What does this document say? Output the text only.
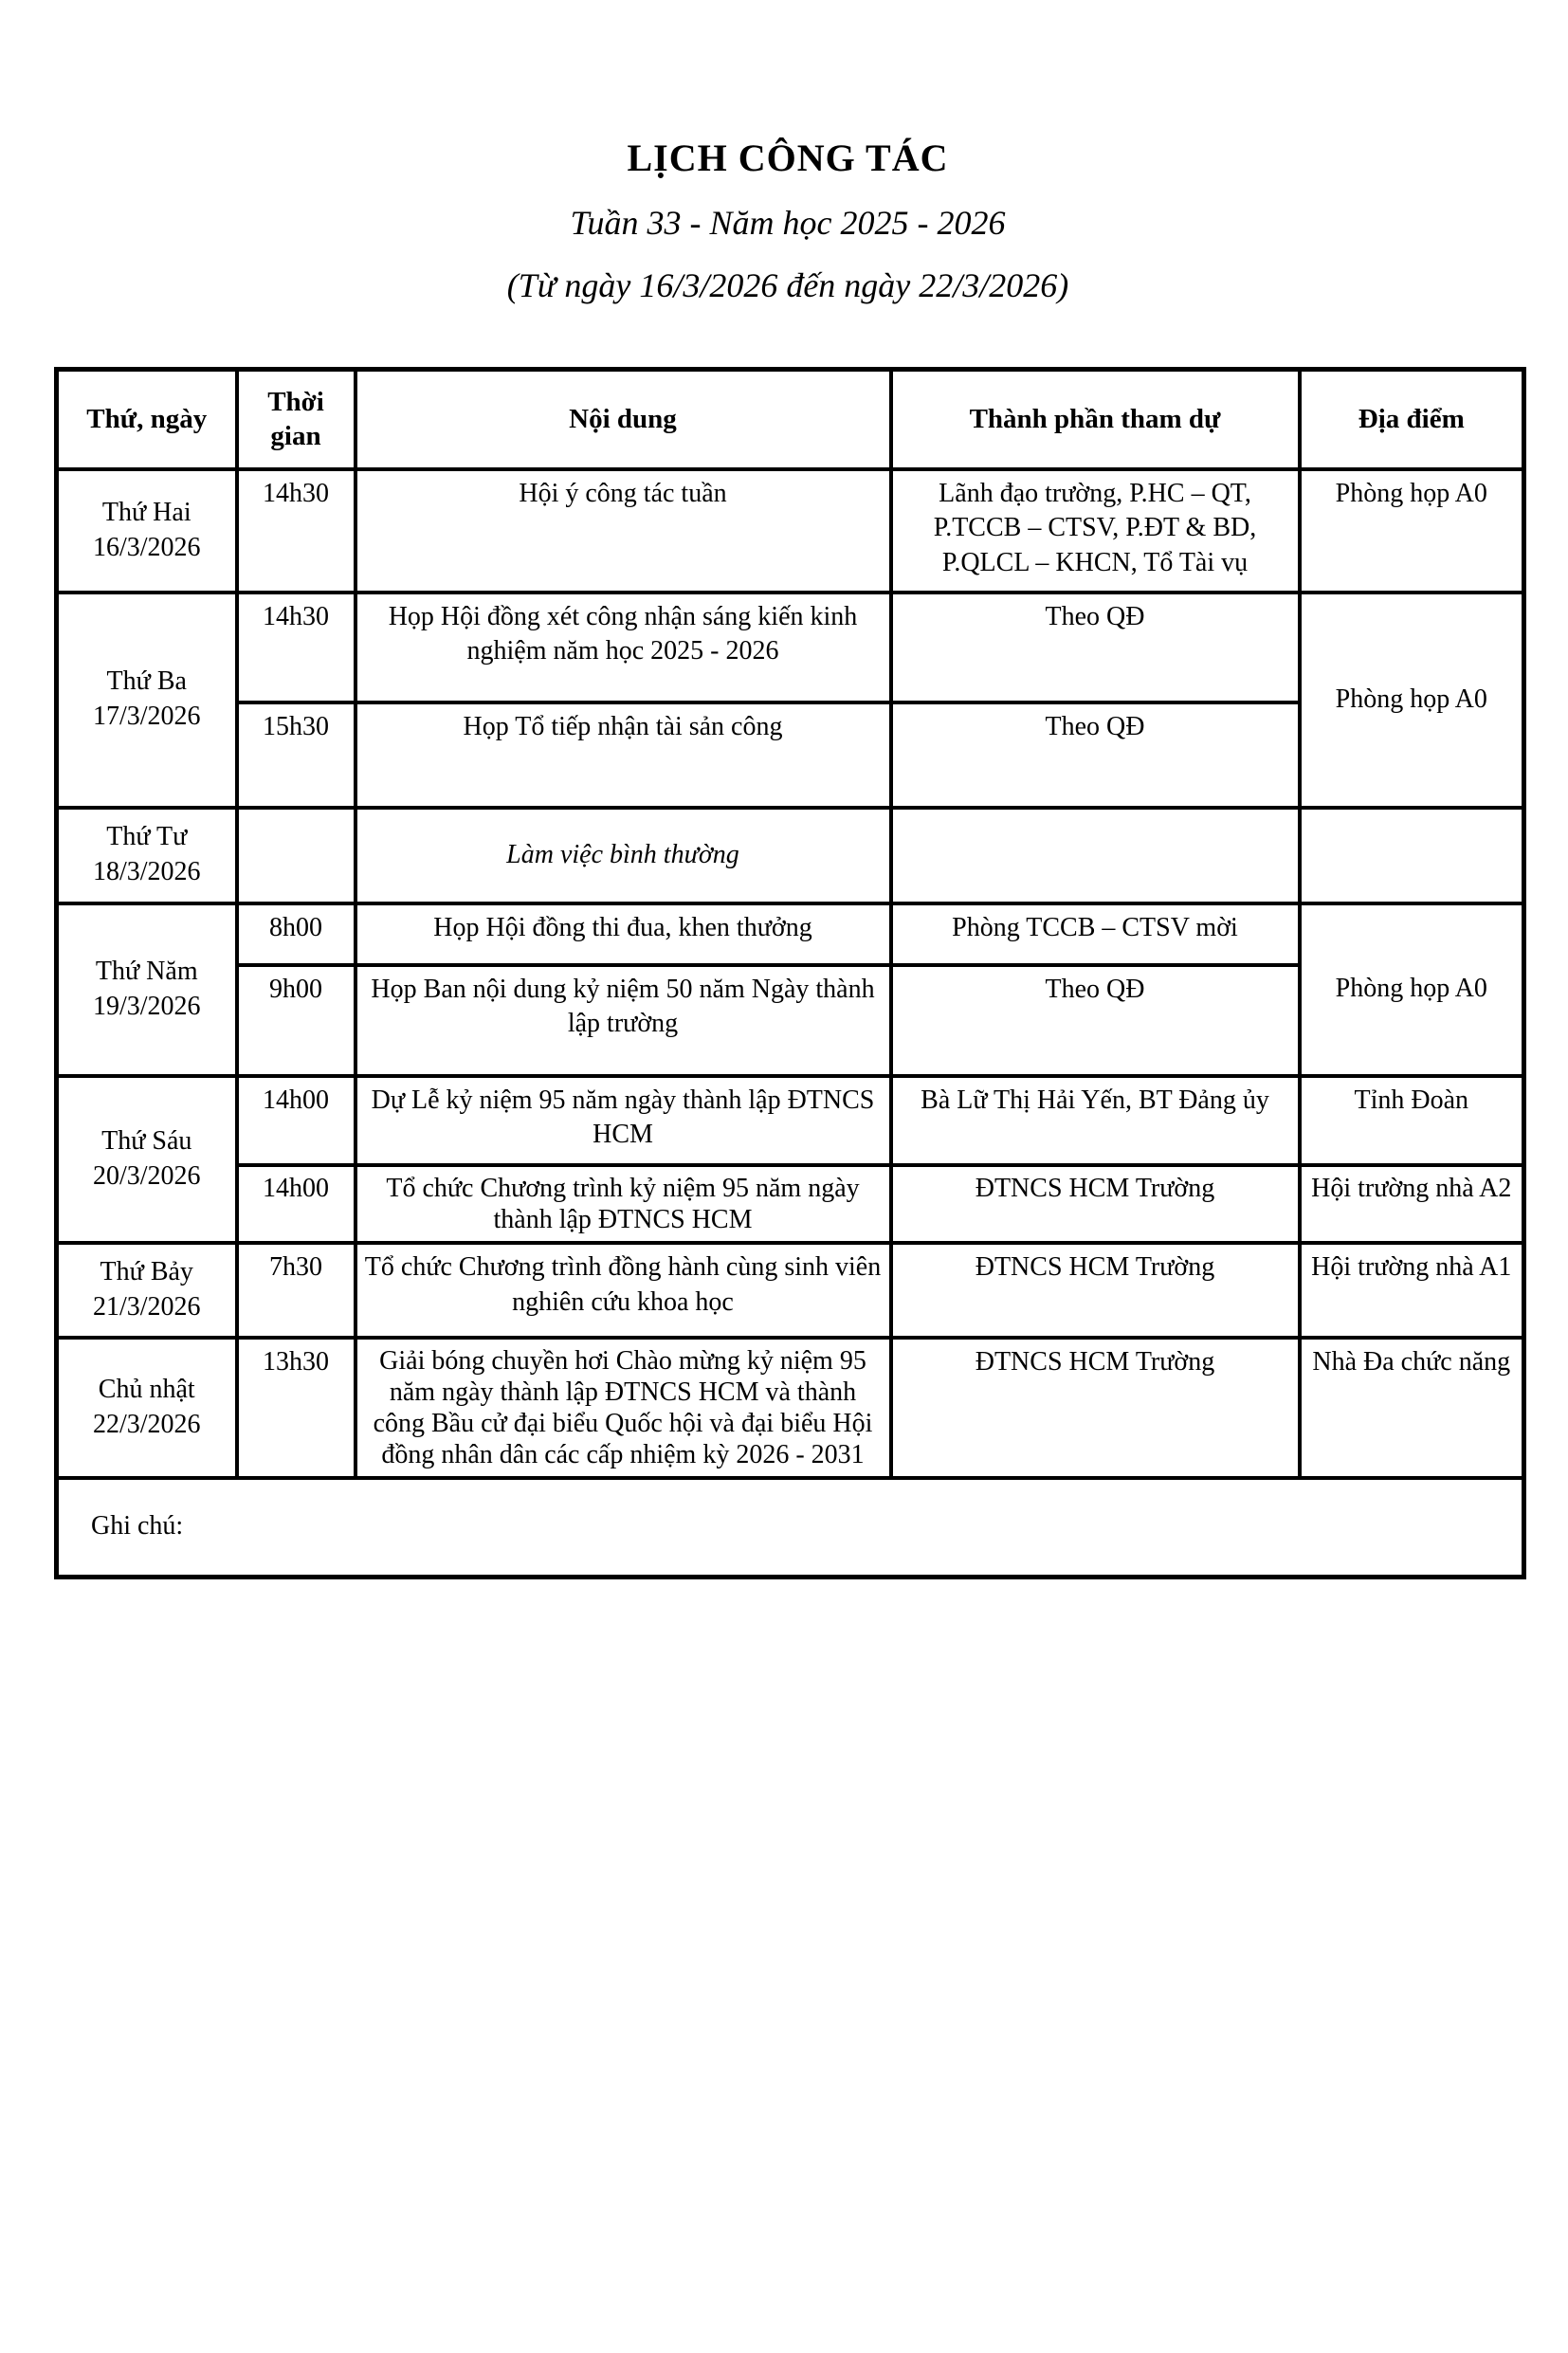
LỊCH CÔNG TÁC

Tuần 33 - Năm học 2025 - 2026

(Từ ngày 16/3/2026 đến ngày 22/3/2026)

Thứ, ngày	Thời gian	Nội dung	Thành phần tham dự	Địa điểm

Thứ Hai
16/3/2026	14h30	Hội ý công tác tuần	Lãnh đạo trường, P.HC – QT, P.TCCB – CTSV, P.ĐT & BD, P.QLCL – KHCN, Tổ Tài vụ	Phòng họp A0

Thứ Ba
17/3/2026	14h30	Họp Hội đồng xét công nhận sáng kiến kinh nghiệm năm học 2025 - 2026	Theo QĐ	Phòng họp A0
	15h30	Họp Tổ tiếp nhận tài sản công	Theo QĐ	

Thứ Tư
18/3/2026		Làm việc bình thường		

Thứ Năm
19/3/2026	8h00	Họp Hội đồng thi đua, khen thưởng	Phòng TCCB – CTSV mời	Phòng họp A0
	9h00	Họp Ban nội dung kỷ niệm 50 năm Ngày thành lập trường	Theo QĐ	

Thứ Sáu
20/3/2026	14h00	Dự Lễ kỷ niệm 95 năm ngày thành lập ĐTNCS HCM	Bà Lữ Thị Hải Yến, BT Đảng ủy	Tỉnh Đoàn
	14h00	Tổ chức Chương trình kỷ niệm 95 năm ngày thành lập ĐTNCS HCM	ĐTNCS HCM Trường	Hội trường nhà A2

Thứ Bảy
21/3/2026	7h30	Tổ chức Chương trình đồng hành cùng sinh viên nghiên cứu khoa học	ĐTNCS HCM Trường	Hội trường nhà A1

Chủ nhật
22/3/2026	13h30	Giải bóng chuyền hơi Chào mừng kỷ niệm 95 năm ngày thành lập ĐTNCS HCM và thành công Bầu cử đại biểu Quốc hội và đại biểu Hội đồng nhân dân các cấp nhiệm kỳ 2026 - 2031	ĐTNCS HCM Trường	Nhà Đa chức năng
Ghi chú:				
